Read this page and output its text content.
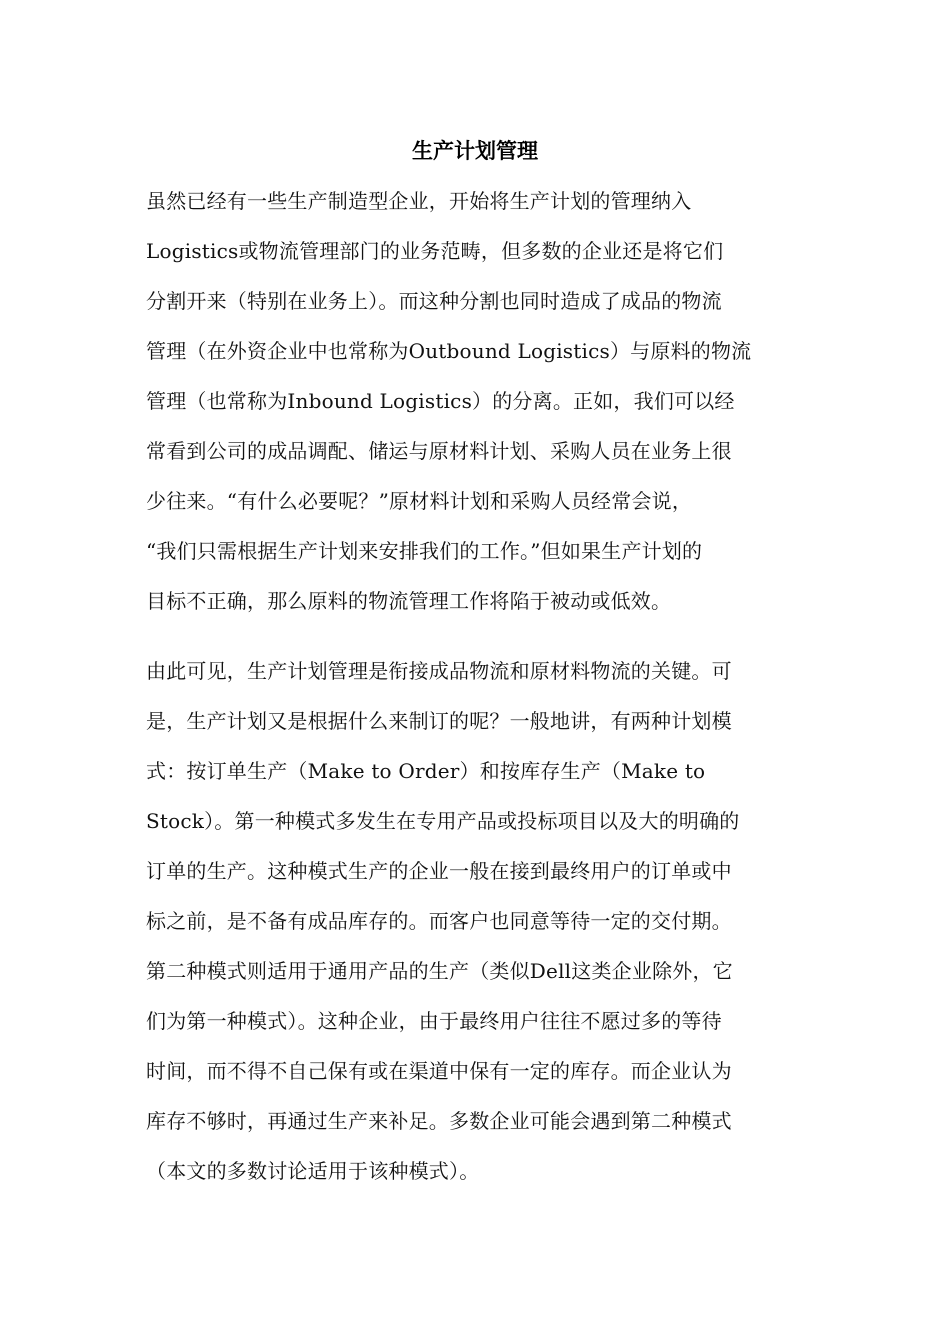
生产计划管理
虽然已经有一些生产制造型企业，开始将生产计划的管理纳入
Logistics或物流管理部门的业务范畴，但多数的企业还是将它们
分割开来（特别在业务上）。而这种分割也同时造成了成品的物流
管理（在外资企业中也常称为Outbound Logistics）与原料的物流
管理（也常称为Inbound Logistics）的分离。正如，我们可以经
常看到公司的成品调配、储运与原材料计划、采购人员在业务上很
少往来。“有什么必要呢？”原材料计划和采购人员经常会说，
“我们只需根据生产计划来安排我们的工作。”但如果生产计划的
目标不正确，那么原料的物流管理工作将陷于被动或低效。
由此可见，生产计划管理是衔接成品物流和原材料物流的关键。可
是，生产计划又是根据什么来制订的呢？一般地讲，有两种计划模
式：按订单生产（Make to Order）和按库存生产（Make to
Stock）。第一种模式多发生在专用产品或投标项目以及大的明确的
订单的生产。这种模式生产的企业一般在接到最终用户的订单或中
标之前，是不备有成品库存的。而客户也同意等待一定的交付期。
第二种模式则适用于通用产品的生产（类似Dell这类企业除外，它
们为第一种模式）。这种企业，由于最终用户往往不愿过多的等待
时间，而不得不自己保有或在渠道中保有一定的库存。而企业认为
库存不够时，再通过生产来补足。多数企业可能会遇到第二种模式
（本文的多数讨论适用于该种模式）。
